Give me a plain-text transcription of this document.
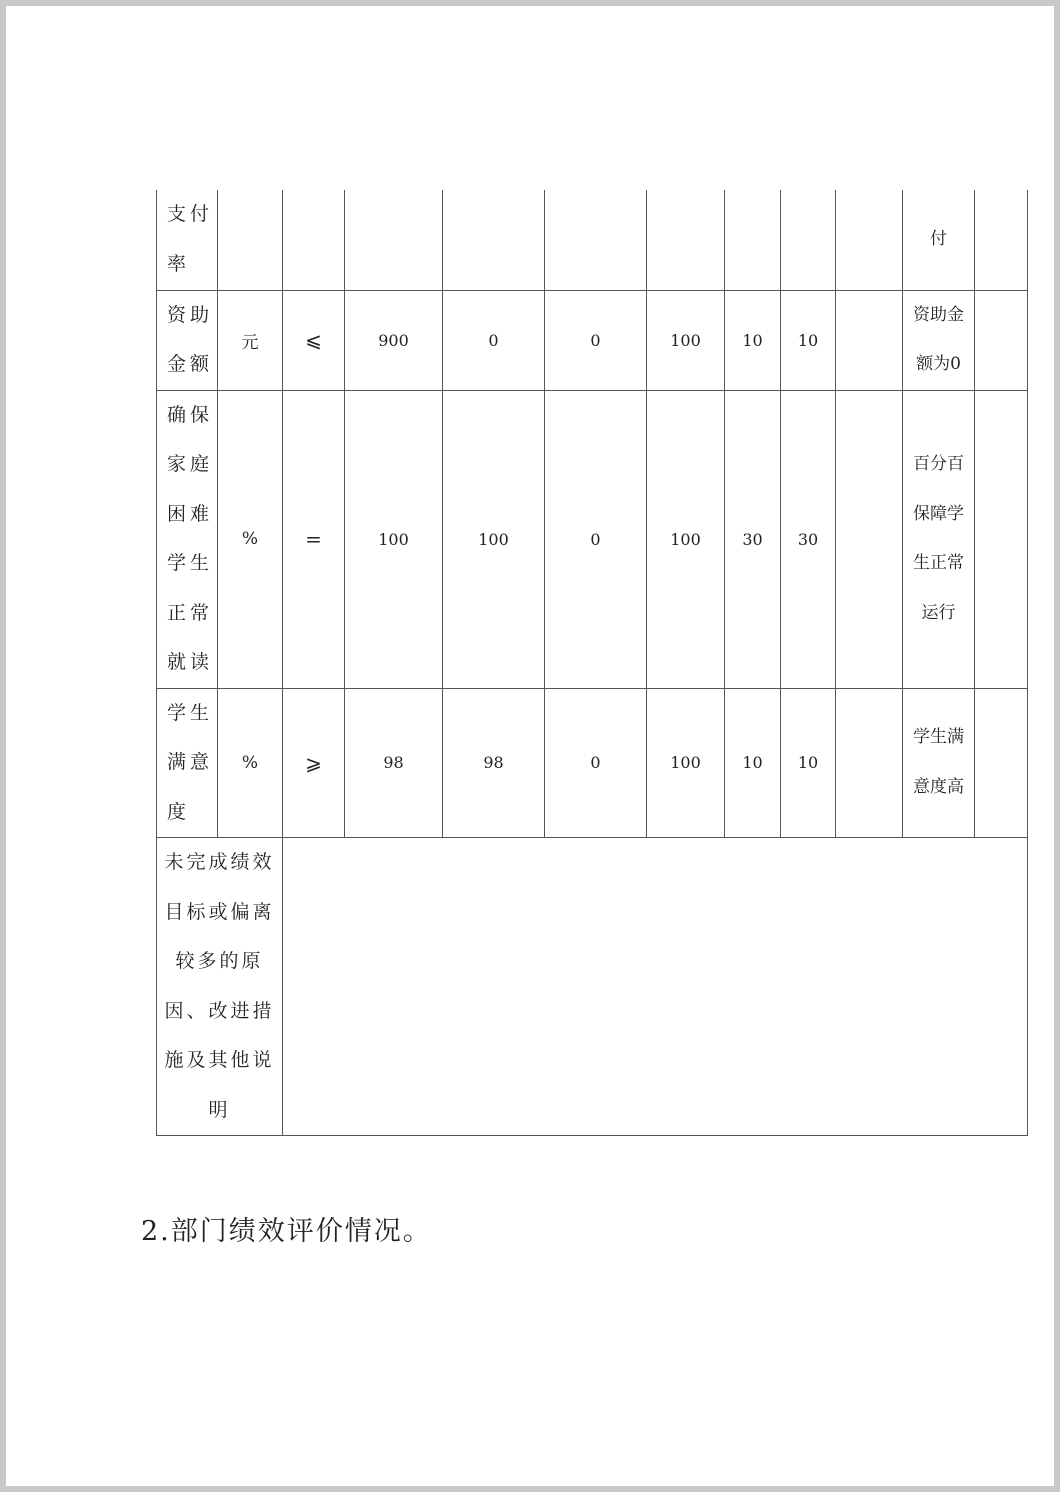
支付率										付	

资助金额	元	⩽	900	0	0	100	10	10		资助金额为0	

确保家庭困难学生正常就读	%	=	100	100	0	100	30	30		百分百保障学生正常运行	

学生满意度	%	⩾	98	98	0	100	10	10		学生满意度高	

未完成绩效目标或偏离较多的原因、改进措施及其他说明											

2.部门绩效评价情况。
